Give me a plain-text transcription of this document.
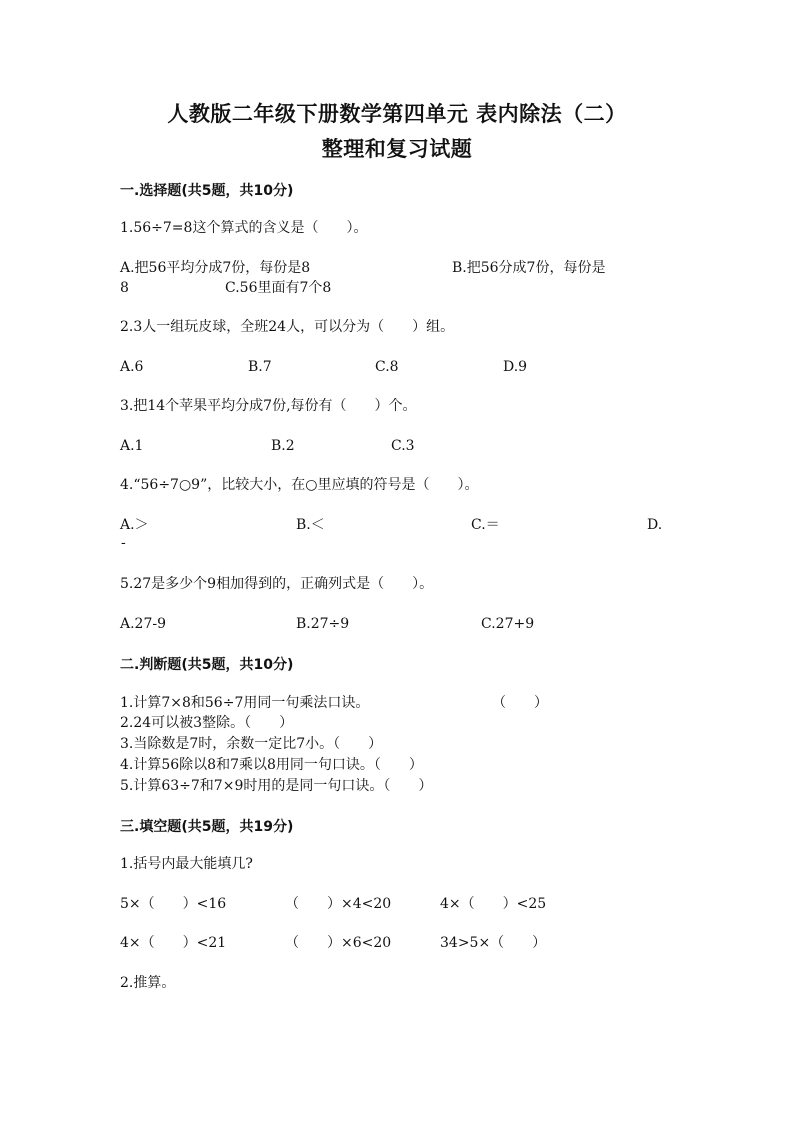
人教版二年级下册数学第四单元 表内除法（二）
整理和复习试题
一.选择题(共5题，共10分)
1.56÷7=8这个算式的含义是（　　）。
A.把56平均分成7份，每份是8	B.把56分成7份，每份是
8	C.56里面有7个8
2.3人一组玩皮球，全班24人，可以分为（　　）组。
A.6	B.7	C.8	D.9
3.把14个苹果平均分成7份,每份有（　　）个。
A.1	B.2	C.3
4.“56÷7○9”，比较大小，在○里应填的符号是（　　）。
A.＞	B.＜	C.＝	D.
-
5.27是多少个9相加得到的，正确列式是（　　）。
A.27-9	B.27÷9	C.27+9
二.判断题(共5题，共10分)
1.计算7×8和56÷7用同一句乘法口诀。	（　　）
2.24可以被3整除。（　　）
3.当除数是7时，余数一定比7小。（　　）
4.计算56除以8和7乘以8用同一句口诀。（　　）
5.计算63÷7和7×9时用的是同一句口诀。（　　）
三.填空题(共5题，共19分)
1.括号内最大能填几?
5×（　　）<16	（　　）×4<20	4×（　　）<25
4×（　　）<21	（　　）×6<20	34>5×（　　）
2.推算。
